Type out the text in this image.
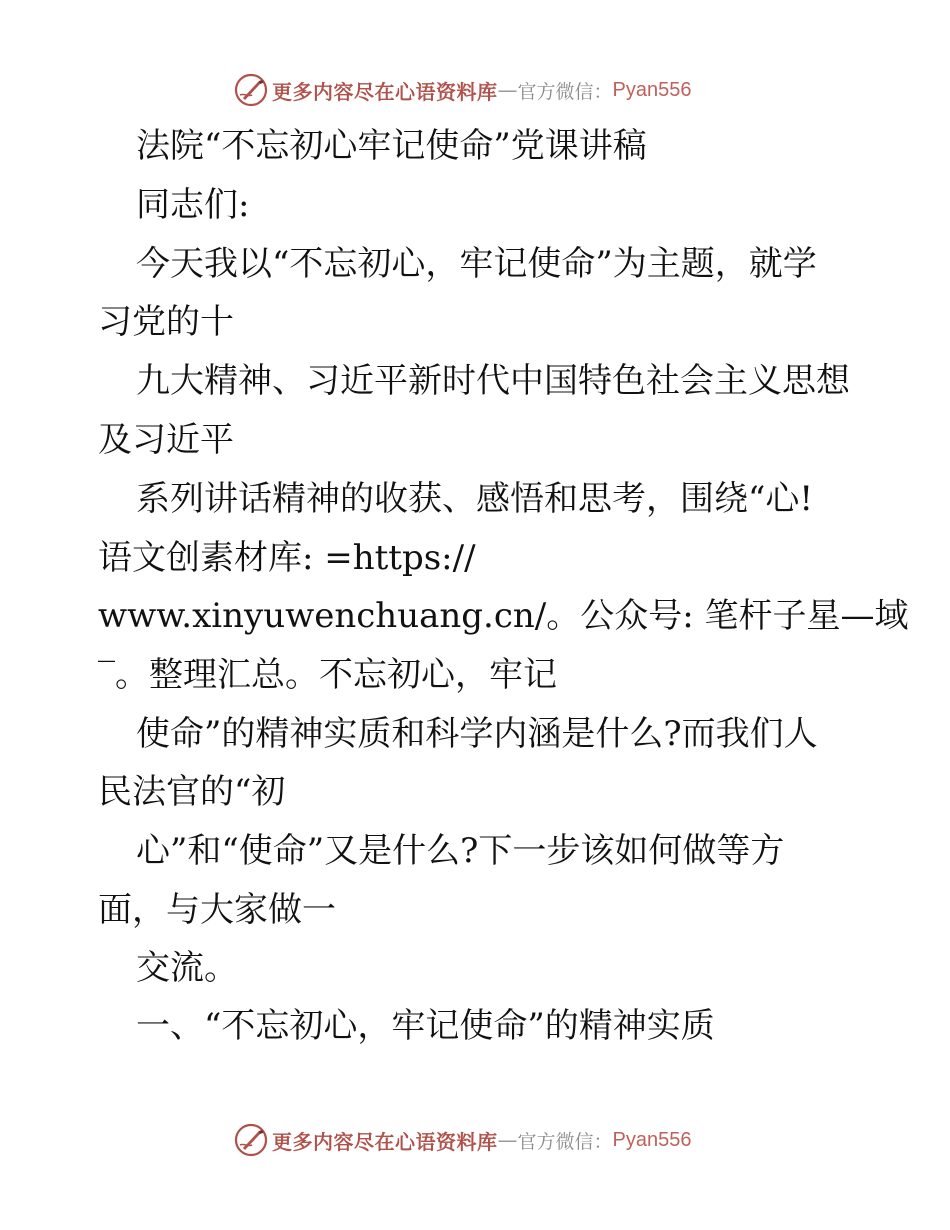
更多内容尽在心语资料库 — 官方微信： Pyan556
法院“不忘初心牢记使命”党课讲稿
同志们:
今天我以“不忘初心，牢记使命”为主题，就学
习党的十
九大精神、习近平新时代中国特色社会主义思想
及习近平
系列讲话精神的收获、感悟和思考，围绕“心!
语文创素材库: =https://
www.xinyuwenchuang.cn/。公众号: 笔杆子星—域
‾。整理汇总。不忘初心，牢记
使命”的精神实质和科学内涵是什么?而我们人
民法官的“初
心”和“使命”又是什么?下一步该如何做等方
面，与大家做一
交流。
一、“不忘初心，牢记使命”的精神实质
更多内容尽在心语资料库 — 官方微信： Pyan556
